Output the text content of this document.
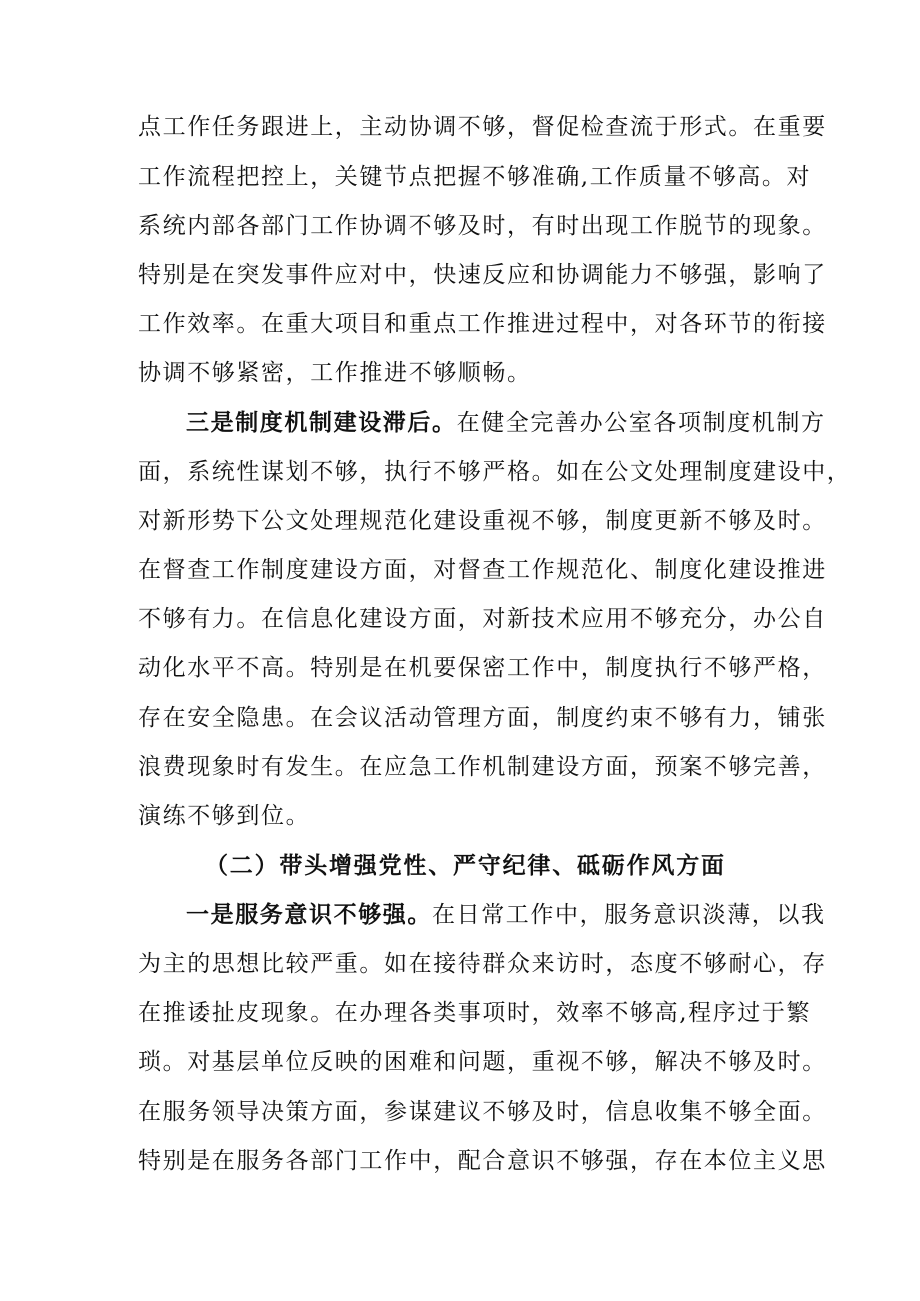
点工作任务跟进上，主动协调不够，督促检查流于形式。在重要
工作流程把控上，关键节点把握不够准确,工作质量不够高。对
系统内部各部门工作协调不够及时，有时出现工作脱节的现象。
特别是在突发事件应对中，快速反应和协调能力不够强，影响了
工作效率。在重大项目和重点工作推进过程中，对各环节的衔接
协调不够紧密，工作推进不够顺畅。
三是制度机制建设滞后。在健全完善办公室各项制度机制方
面，系统性谋划不够，执行不够严格。如在公文处理制度建设中，
对新形势下公文处理规范化建设重视不够，制度更新不够及时。
在督查工作制度建设方面，对督查工作规范化、制度化建设推进
不够有力。在信息化建设方面，对新技术应用不够充分，办公自
动化水平不高。特别是在机要保密工作中，制度执行不够严格，
存在安全隐患。在会议活动管理方面，制度约束不够有力，铺张
浪费现象时有发生。在应急工作机制建设方面，预案不够完善，
演练不够到位。
（二）带头增强党性、严守纪律、砥砺作风方面
一是服务意识不够强。在日常工作中，服务意识淡薄，以我
为主的思想比较严重。如在接待群众来访时，态度不够耐心，存
在推诿扯皮现象。在办理各类事项时，效率不够高,程序过于繁
琐。对基层单位反映的困难和问题，重视不够，解决不够及时。
在服务领导决策方面，参谋建议不够及时，信息收集不够全面。
特别是在服务各部门工作中，配合意识不够强，存在本位主义思
